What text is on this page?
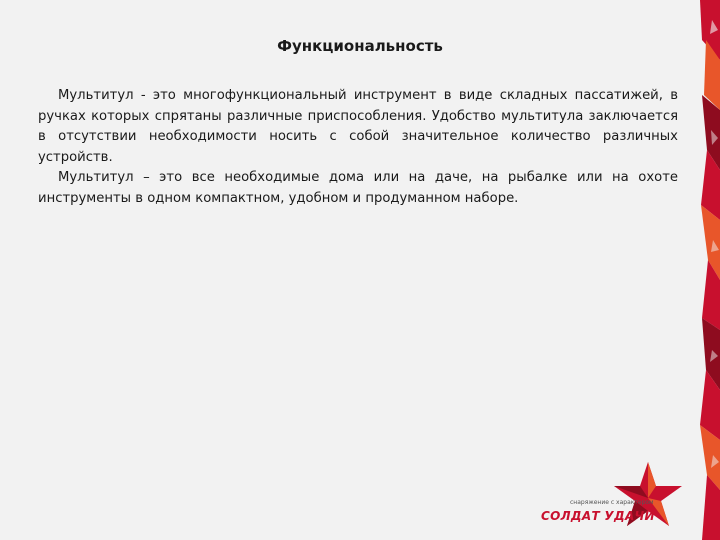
Функциональность

Мультитул - это многофункциональный инструмент в виде складных пассатижей, в ручках которых спрятаны различные приспособления. Удобство мультитула заключается в отсутствии необходимости носить с собой значительное количество различных устройств.

Мультитул – это все необходимые дома или на даче, на рыбалке или на охоте инструменты в одном компактном, удобном и продуманном наборе.

снаряжение с характером
СОЛДАТ УДАЧИ
